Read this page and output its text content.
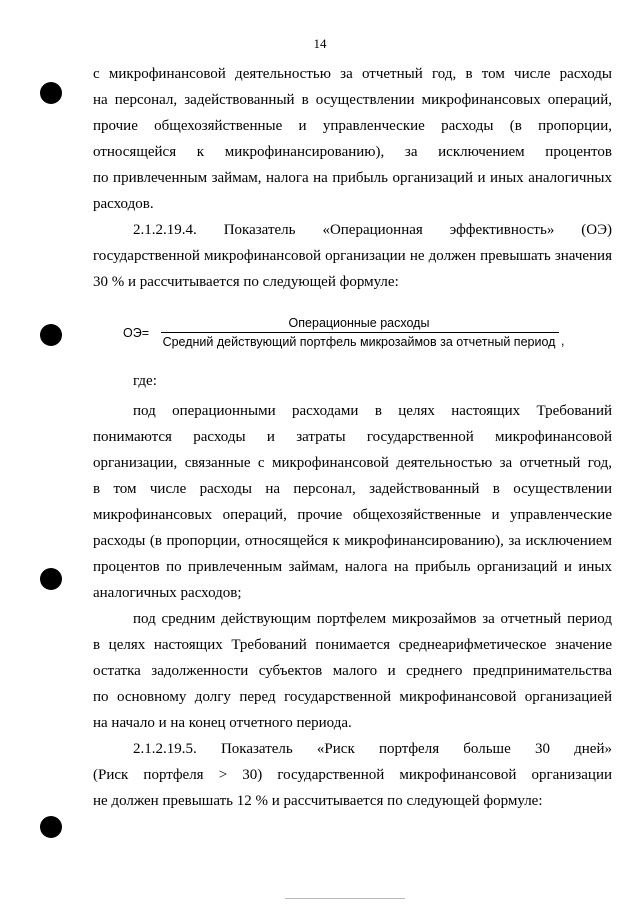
14
с микрофинансовой деятельностью за отчетный год, в том числе расходы
на персонал, задействованный в осуществлении микрофинансовых операций,
прочие общехозяйственные и управленческие расходы (в пропорции,
относящейся к микрофинансированию), за исключением процентов
по привлеченным займам, налога на прибыль организаций и иных аналогичных
расходов.
2.1.2.19.4. Показатель «Операционная эффективность» (ОЭ)
государственной микрофинансовой организации не должен превышать значения
30 % и рассчитывается по следующей формуле:
ОЭ=
Операционные расходы
Средний действующий портфель микрозаймов за отчетный период ,
где:
под операционными расходами в целях настоящих Требований
понимаются расходы и затраты государственной микрофинансовой
организации, связанные с микрофинансовой деятельностью за отчетный год,
в том числе расходы на персонал, задействованный в осуществлении
микрофинансовых операций, прочие общехозяйственные и управленческие
расходы (в пропорции, относящейся к микрофинансированию), за исключением
процентов по привлеченным займам, налога на прибыль организаций и иных
аналогичных расходов;
под средним действующим портфелем микрозаймов за отчетный период
в целях настоящих Требований понимается среднеарифметическое значение
остатка задолженности субъектов малого и среднего предпринимательства
по основному долгу перед государственной микрофинансовой организацией
на начало и на конец отчетного периода.
2.1.2.19.5. Показатель «Риск портфеля больше 30 дней»
(Риск портфеля > 30) государственной микрофинансовой организации
не должен превышать 12 % и рассчитывается по следующей формуле:
